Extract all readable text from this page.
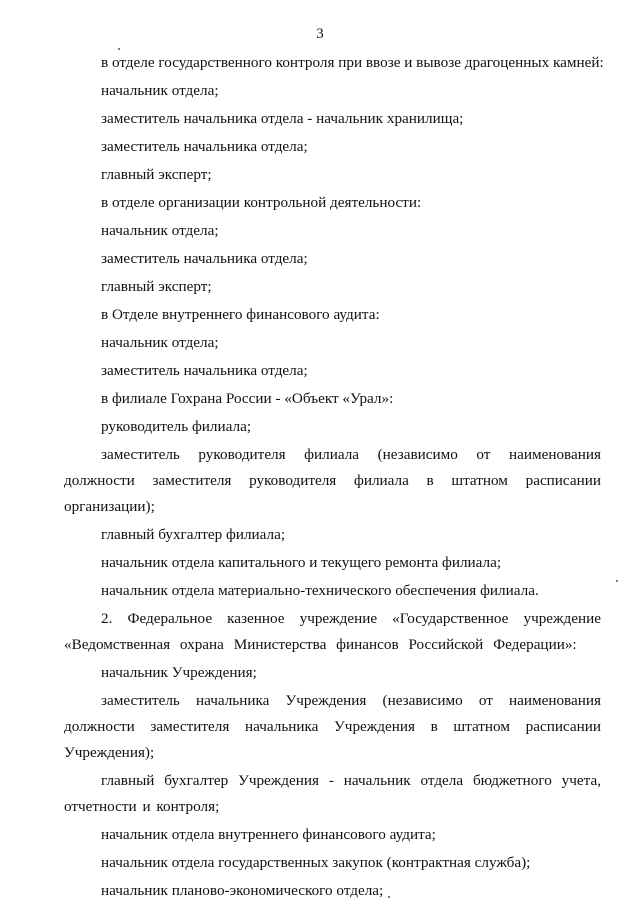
3

в отделе государственного контроля при ввозе и вывозе драгоценных камней:

начальник отдела;

заместитель начальника отдела - начальник хранилища;

заместитель начальника отдела;

главный эксперт;

в отделе организации контрольной деятельности:

начальник отдела;

заместитель начальника отдела;

главный эксперт;

в Отделе внутреннего финансового аудита:

начальник отдела;

заместитель начальника отдела;

в филиале Гохрана России - «Объект «Урал»:

руководитель филиала;

заместитель руководителя филиала (независимо от наименования должности заместителя руководителя филиала в штатном расписании организации);

главный бухгалтер филиала;

начальник отдела капитального и текущего ремонта филиала;

начальник отдела материально-технического обеспечения филиала.

2. Федеральное казенное учреждение «Государственное учреждение «Ведомственная охрана Министерства финансов Российской Федерации»:

начальник Учреждения;

заместитель начальника Учреждения (независимо от наименования должности заместителя начальника Учреждения в штатном расписании Учреждения);

главный бухгалтер Учреждения - начальник отдела бюджетного учета, отчетности и контроля;

начальник отдела внутреннего финансового аудита;

начальник отдела государственных закупок (контрактная служба);

начальник планово-экономического отдела;
